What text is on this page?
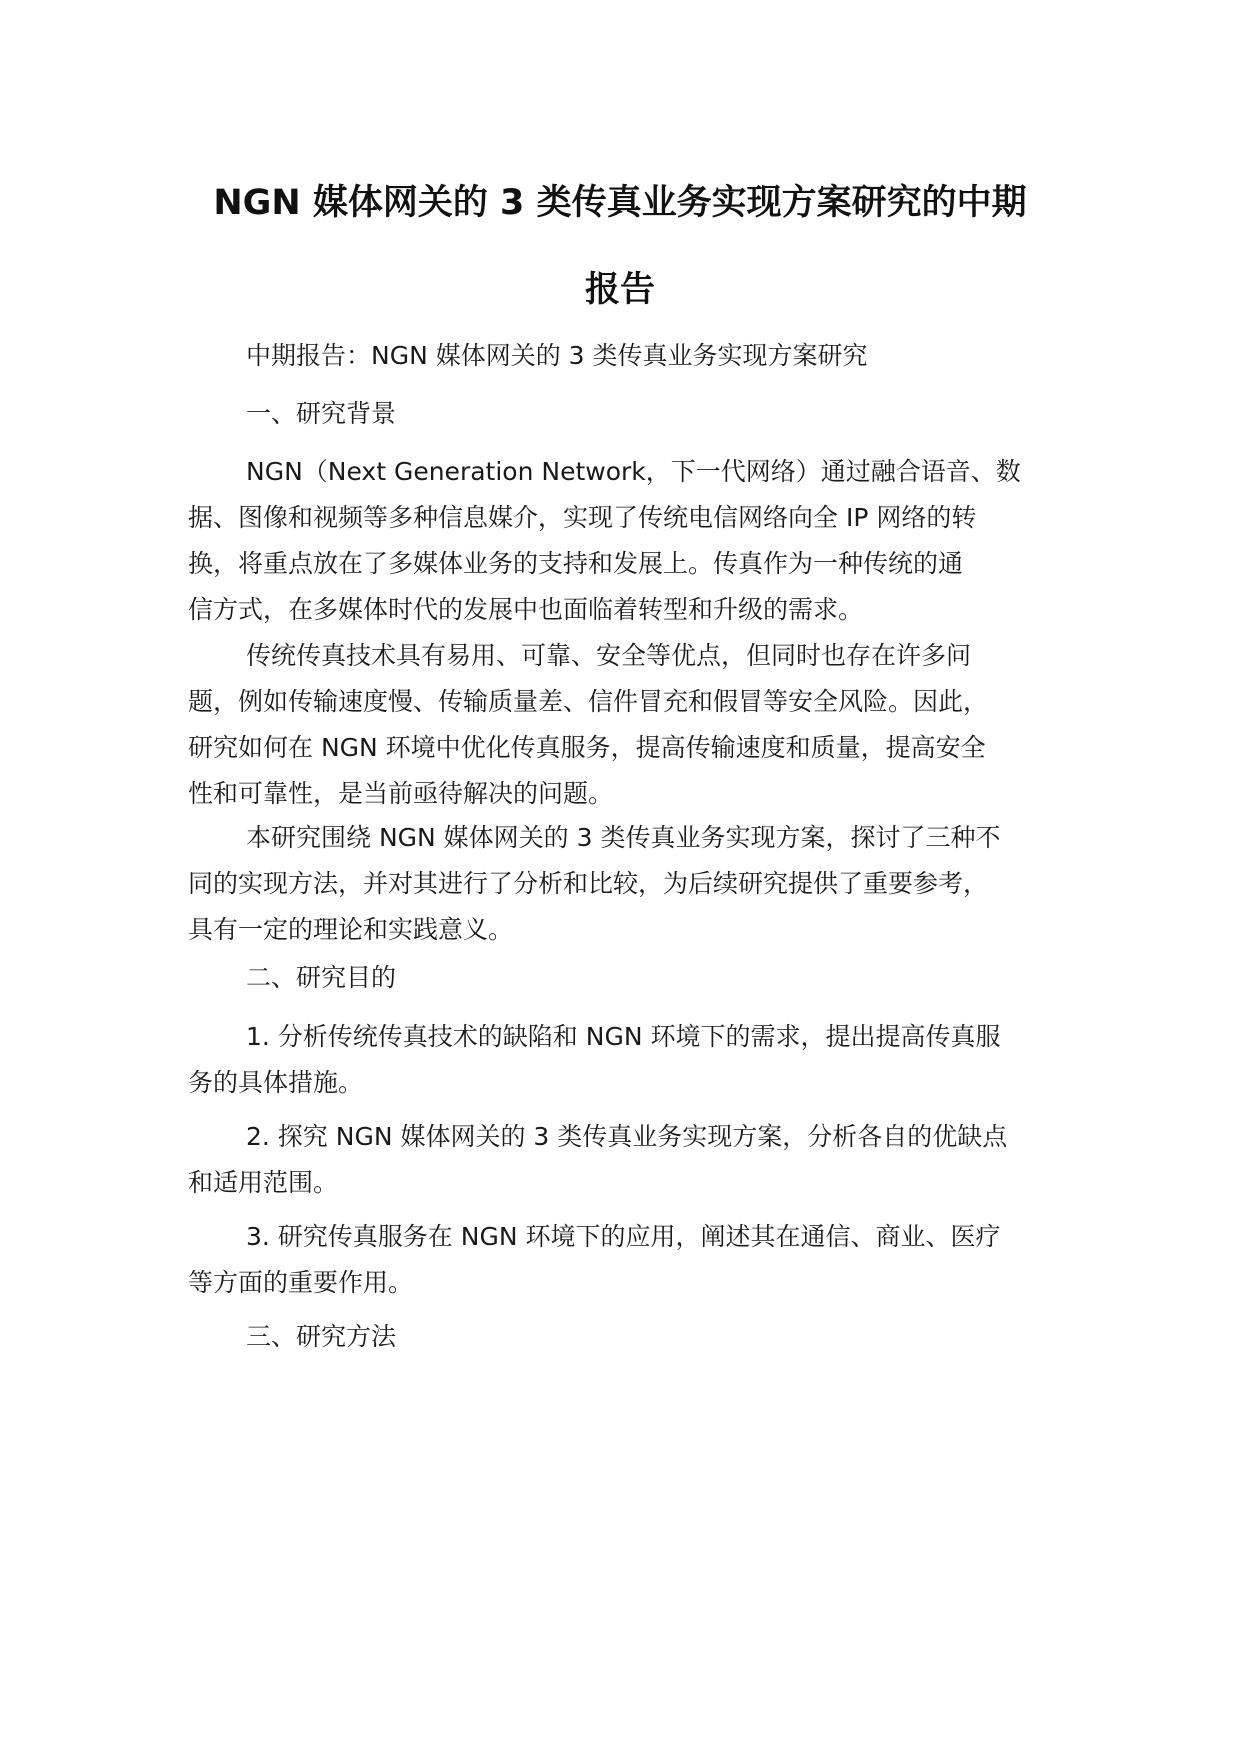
NGN 媒体网关的 3 类传真业务实现方案研究的中期
报告
中期报告：NGN 媒体网关的 3 类传真业务实现方案研究
一、研究背景
NGN（Next Generation Network，下一代网络）通过融合语音、数
据、图像和视频等多种信息媒介，实现了传统电信网络向全 IP 网络的转
换，将重点放在了多媒体业务的支持和发展上。传真作为一种传统的通
信方式，在多媒体时代的发展中也面临着转型和升级的需求。
传统传真技术具有易用、可靠、安全等优点，但同时也存在许多问
题，例如传输速度慢、传输质量差、信件冒充和假冒等安全风险。因此，
研究如何在 NGN 环境中优化传真服务，提高传输速度和质量，提高安全
性和可靠性，是当前亟待解决的问题。
本研究围绕 NGN 媒体网关的 3 类传真业务实现方案，探讨了三种不
同的实现方法，并对其进行了分析和比较，为后续研究提供了重要参考，
具有一定的理论和实践意义。
二、研究目的
1. 分析传统传真技术的缺陷和 NGN 环境下的需求，提出提高传真服
务的具体措施。
2. 探究 NGN 媒体网关的 3 类传真业务实现方案，分析各自的优缺点
和适用范围。
3. 研究传真服务在 NGN 环境下的应用，阐述其在通信、商业、医疗
等方面的重要作用。
三、研究方法
